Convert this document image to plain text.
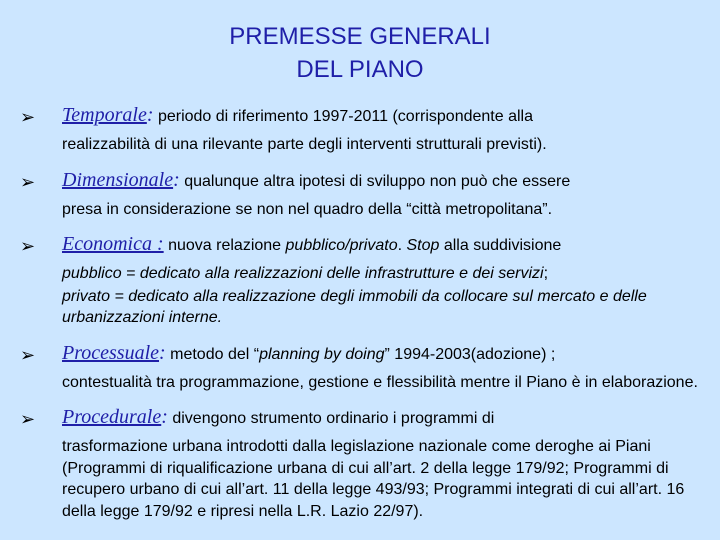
PREMESSE GENERALI
DEL PIANO
➢ Temporale: periodo di riferimento 1997-2011 (corrispondente alla
realizzabilità di una rilevante parte degli interventi strutturali previsti).
➢ Dimensionale: qualunque altra ipotesi di sviluppo non può che essere
presa in considerazione se non nel quadro della “città metropolitana”.
➢ Economica : nuova relazione pubblico/privato. Stop alla suddivisione
pubblico = dedicato alla realizzazioni delle infrastrutture e dei servizi;
privato = dedicato alla realizzazione degli immobili da collocare sul mercato e delle urbanizzazioni interne.
➢ Processuale: metodo del “planning by doing” 1994-2003(adozione) ;
contestualità tra programmazione, gestione e flessibilità mentre il Piano è in elaborazione.
➢ Procedurale: divengono strumento ordinario i programmi di
trasformazione urbana introdotti dalla legislazione nazionale come deroghe ai Piani (Programmi di riqualificazione urbana di cui all’art. 2 della legge 179/92; Programmi di recupero urbano di cui all’art. 11 della legge 493/93; Programmi integrati di cui all’art. 16 della legge 179/92 e ripresi nella L.R. Lazio 22/97).
